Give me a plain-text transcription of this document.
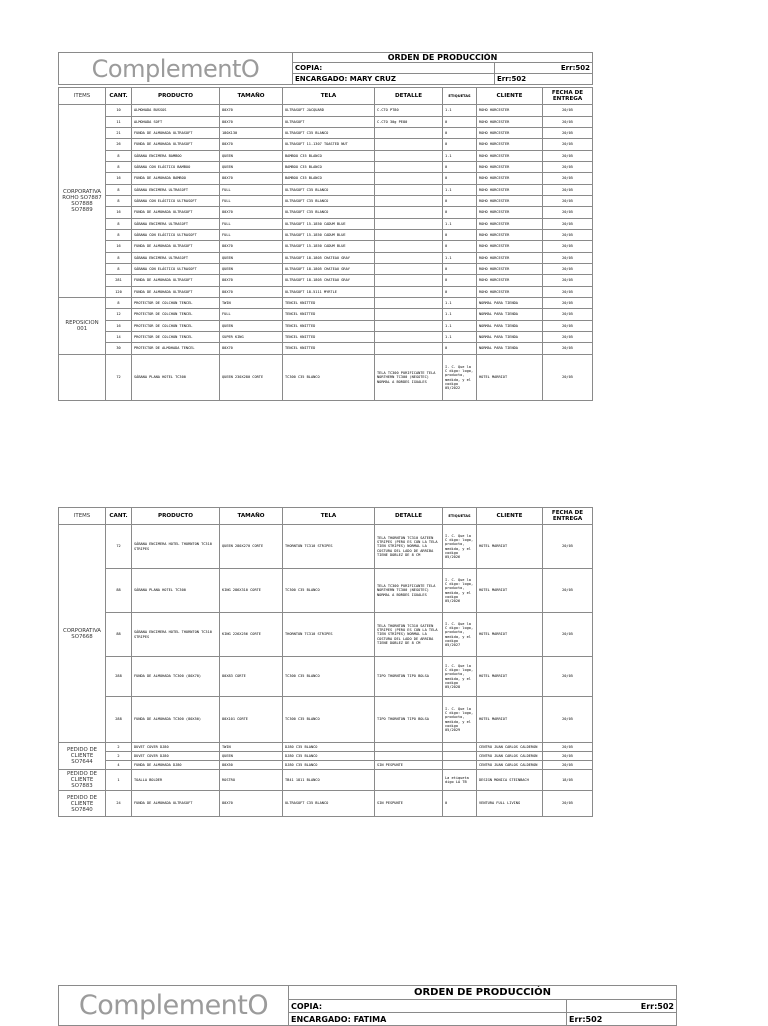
ComplementO	ORDEN DE PRODUCCIÓN	
	COPIA:	Err:502
	ENCARGADO: MARY CRUZ	Err:502
ITEMS	CANT.	PRODUCTO	TAMAÑO	TELA	DETALLE	ETIQUETAS	CLIENTE	FECHA DE ENTREGA
CORPORATIVA ROHO SO7887 SO7888 SO7889	10	ALMOHADA BUSSOS	80X70	ULTRASOFT JACQUARD	C.CTO PT80	1.1	ROHO HORCESTER	20/05
	11	ALMOHADA SOFT	80X70	ULTRASOFT	C.CTO 30g PE80	0	ROHO HORCESTER	20/05
	21	FUNDA DE ALMOHADA ULTRASOFT	180X130	ULTRASOFT C35 BLANCO		0	ROHO HORCESTER	20/05
	26	FUNDA DE ALMOHADA ULTRASOFT	80X70	ULTRASOFT 11-1307 TOASTED NUT		0	ROHO HORCESTER	20/05
	8	SÁBANA ENCIMERA BAMBOO	QUEEN	BAMBOO C35 BLANCO		1.1	ROHO HORCESTER	20/05
	8	SÁBANA CON ELÁSTICO BAMBOO	QUEEN	BAMBOO C35 BLANCO		0	ROHO HORCESTER	20/05
	16	FUNDA DE ALMOHADA BAMBOO	80X70	BAMBOO C35 BLANCO		0	ROHO HORCESTER	20/05
	8	SÁBANA ENCIMERA ULTRASOFT	FULL	ULTRASOFT C35 BLANCO		1.1	ROHO HORCESTER	20/05
	8	SÁBANA CON ELÁSTICO ULTRASOFT	FULL	ULTRASOFT C35 BLANCO		0	ROHO HORCESTER	20/05
	16	FUNDA DE ALMOHADA ULTRASOFT	80X70	ULTRASOFT C35 BLANCO		0	ROHO HORCESTER	20/05
	8	SÁBANA ENCIMERA ULTRASOFT	FULL	ULTRASOFT 15-1850 CADUM BLUE		1.1	ROHO HORCESTER	20/05
	8	SÁBANA CON ELÁSTICO ULTRASOFT	FULL	ULTRASOFT 15-1850 CADUM BLUE		0	ROHO HORCESTER	20/05
	16	FUNDA DE ALMOHADA ULTRASOFT	80X70	ULTRASOFT 15-1850 CADUM BLUE		0	ROHO HORCESTER	20/05
	8	SÁBANA ENCIMERA ULTRASOFT	QUEEN	ULTRASOFT 18-1805 CHATEAU GRAY		1.1	ROHO HORCESTER	20/05
	8	SÁBANA CON ELÁSTICO ULTRASOFT	QUEEN	ULTRASOFT 18-1805 CHATEAU GRAY		0	ROHO HORCESTER	20/05
	281	FUNDA DE ALMOHADA ULTRASOFT	80X70	ULTRASOFT 18-1805 CHATEAU GRAY		0	ROHO HORCESTER	20/05
	120	FUNDA DE ALMOHADA ULTRASOFT	80X70	ULTRASOFT 18-5111 MYRTLE		0	ROHO HORCESTER	20/05
REPOSICION 001	8	PROTECTOR DE COLCHON TENCEL	TWIN	TENCEL KNITTED		1.1	NORMAL PARA TIENDA	20/05
	12	PROTECTOR DE COLCHON TENCEL	FULL	TENCEL KNITTED		1.1	NORMAL PARA TIENDA	20/05
	16	PROTECTOR DE COLCHON TENCEL	QUEEN	TENCEL KNITTED		1.1	NORMAL PARA TIENDA	20/05
	14	PROTECTOR DE COLCHON TENCEL	SUPER KING	TENCEL KNITTED		1.1	NORMAL PARA TIENDA	20/05
	30	PROTECTOR DE ALMOHADA TENCEL	80X70	TENCEL KNITTED		0	NORMAL PARA TIENDA	20/05
	72	SÁBANA PLANA HOTEL TC300	QUEEN 230X280 CORTE	TC300 C35 BLANCO	TELA TC300 PURIFICANTE TELA NORTHERN TC300 (NEGOTEC) NORMAL A BORDES IGUALES	I. C. Que la C digo: logo, producto, medida, y el codigo 05/2022	HOTEL MARRIOT	20/05
ITEMS	CANT.	PRODUCTO	TAMAÑO	TELA	DETALLE	ETIQUETAS	CLIENTE	FECHA DE ENTREGA
CORPORATIVA SO7668	72	SÁBANA ENCIMERA HOTEL THORNTON TC310 STRIPES	QUEEN 280X270 CORTE	THORNTON TC310 STRIPES	TELA THORNTON TC310 SATEEN STRIPES (PERO ES CON LA TELA TIEN STRIPES) NORMAL LA COSTURA DEL LADO DE ARRIBA TIENE DOBLEZ DE 8 CM	I. C. Que la C digo: logo, producto, medida, y el codigo 05/2026	HOTEL MARRIOT	20/05
	88	SÁBANA PLANA HOTEL TC300	KING 286X310 CORTE	TC300 C35 BLANCO	TELA TC300 PURIFICANTE TELA NORTHERN TC300 (NEGOTEC) NORMAL A BORDES IGUALES	I. C. Que la C digo: logo, producto, medida, y el codigo 05/2026	HOTEL MARRIOT	20/05
	88	SÁBANA ENCIMERA HOTEL THORNTON TC310 STRIPES	KING 226X256 CORTE	THORNTON TC310 STRIPES	TELA THORNTON TC310 SATEEN STRIPES (PERO ES CON LA TELA TIEN STRIPES) NORMAL LA COSTURA DEL LADO DE ARRIBA TIENE DOBLEZ DE 8 CM	I. C. Que la C digo: logo, producto, medida, y el codigo 05/2027	HOTEL MARRIOT	20/05
	288	FUNDA DE ALMOHADA TC300 (80X70)	80X83 CORTE	TC300 C35 BLANCO	TIPO THORNTON TIPO BOLSA	I. C. Que la C digo: logo, producto, medida, y el codigo 05/2028	HOTEL MARRIOT	20/05
	288	FUNDA DE ALMOHADA TC300 (80X50)	80X101 CORTE	TC300 C35 BLANCO	TIPO THORNTON TIPO BOLSA	I. C. Que la C digo: logo, producto, medida, y el codigo 05/2029	HOTEL MARRIOT	20/05
PEDIDO DE CLIENTE SO7644	2	DUVET COVER DJ80	TWIN	DJ80 C35 BLANCO			CENTRO JUAN CARLOS CALDERON	20/05
	2	DUVET COVER DJ80	QUEEN	DJ80 C35 BLANCO			CENTRO JUAN CARLOS CALDERON	20/05
	4	FUNDA DE ALMOHADA DJ80	80X50	DJ80 C35 BLANCO	SIN PESPUNTE		CENTRO JUAN CARLOS CALDERON	20/05
PEDIDO DE CLIENTE SO7883	1	TOALLA BOLDER	ROSTRO	TB41 1811 BLANCO		La etiqueta digo LA TB	DESIGN MONICA STEINBACH	18/05
PEDIDO DE CLIENTE SO7840	24	FUNDA DE ALMOHADA ULTRASOFT	80X70	ULTRASOFT C35 BLANCO	SIN PESPUNTE	0	VENTURA FULL LIVING	20/05
ComplementO	ORDEN DE PRODUCCIÓN	
	COPIA:	Err:502
	ENCARGADO: FATIMA	Err:502
